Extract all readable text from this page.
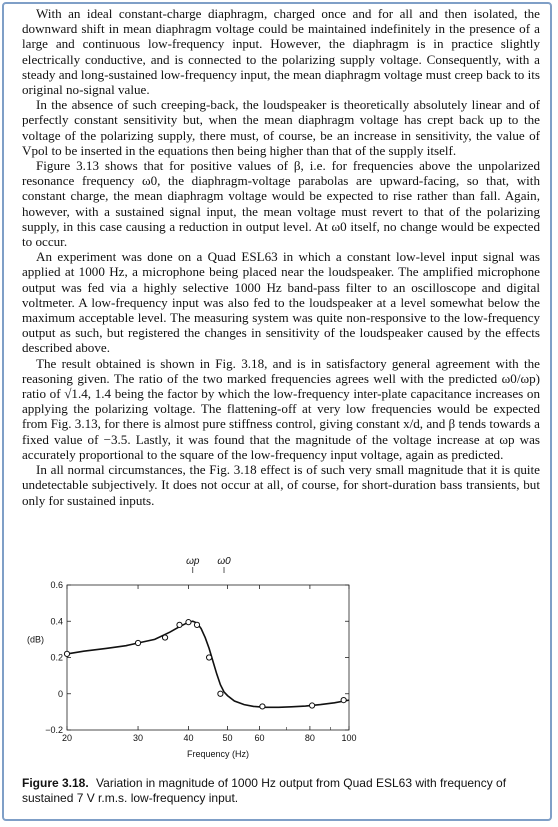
With an ideal constant-charge diaphragm, charged once and for all and then isolated, the downward shift in mean diaphragm voltage could be maintained indefinitely in the presence of a large and continuous low-frequency input. However, the diaphragm is in practice slightly electrically conductive, and is connected to the polarizing supply voltage. Consequently, with a steady and long-sustained low-frequency input, the mean diaphragm voltage must creep back to its original no-signal value.

In the absence of such creeping-back, the loudspeaker is theoretically absolutely linear and of perfectly constant sensitivity but, when the mean diaphragm voltage has crept back up to the voltage of the polarizing supply, there must, of course, be an increase in sensitivity, the value of Vpol to be inserted in the equations then being higher than that of the supply itself.

Figure 3.13 shows that for positive values of β, i.e. for frequencies above the unpolarized resonance frequency ω0, the diaphragm-voltage parabolas are upward-facing, so that, with constant charge, the mean diaphragm voltage would be expected to rise rather than fall. Again, however, with a sustained signal input, the mean voltage must revert to that of the polarizing supply, in this case causing a reduction in output level. At ω0 itself, no change would be expected to occur.

An experiment was done on a Quad ESL63 in which a constant low-level input signal was applied at 1000 Hz, a microphone being placed near the loudspeaker. The amplified microphone output was fed via a highly selective 1000 Hz band-pass filter to an oscilloscope and digital voltmeter. A low-frequency input was also fed to the loudspeaker at a level somewhat below the maximum acceptable level. The measuring system was quite non-responsive to the low-frequency output as such, but registered the changes in sensitivity of the loudspeaker caused by the effects described above.

The result obtained is shown in Fig. 3.18, and is in satisfactory general agreement with the reasoning given. The ratio of the two marked frequencies agrees well with the predicted ω0/ωp) ratio of √1.4, 1.4 being the factor by which the low-frequency inter-plate capacitance increases on applying the polarizing voltage. The flattening-off at very low frequencies would be expected from Fig. 3.13, for there is almost pure stiffness control, giving constant x/d, and β tends towards a fixed value of −3.5. Lastly, it was found that the magnitude of the voltage increase at ωp was accurately proportional to the square of the low-frequency input voltage, again as predicted.

In all normal circumstances, the Fig. 3.18 effect is of such very small magnitude that it is quite undetectable subjectively. It does not occur at all, of course, for short-duration bass transients, but only for sustained inputs.

20	30	40	50 60	80	100
−0.2
0
0.2
0.4
0.6
Frequency (Hz)
(dB)
ωp ω0
Figure 3.18. Variation in magnitude of 1000 Hz output from Quad ESL63 with frequency of sustained 7 V r.m.s. low-frequency input.
